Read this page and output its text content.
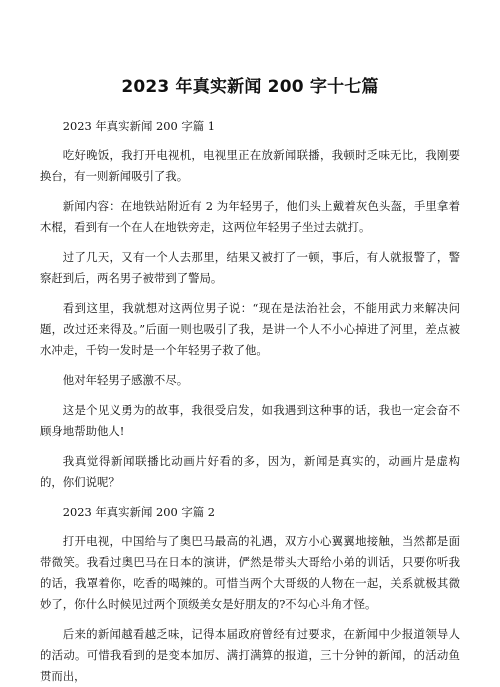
2023 年真实新闻 200 字十七篇

2023 年真实新闻 200 字篇 1

吃好晚饭，我打开电视机，电视里正在放新闻联播，我顿时乏味无比，我刚要换台，有一则新闻吸引了我。

新闻内容：在地铁站附近有 2 为年轻男子，他们头上戴着灰色头盔，手里拿着木棍，看到有一个在人在地铁旁走，这两位年轻男子坐过去就打。

过了几天，又有一个人去那里，结果又被打了一顿，事后，有人就报警了，警察赶到后，两名男子被带到了警局。

看到这里，我就想对这两位男子说：“现在是法治社会，不能用武力来解决问题，改过还来得及。”后面一则也吸引了我，是讲一个人不小心掉进了河里，差点被水冲走，千钧一发时是一个年轻男子救了他。

他对年轻男子感激不尽。

这是个见义勇为的故事，我很受启发，如我遇到这种事的话，我也一定会奋不顾身地帮助他人!

我真觉得新闻联播比动画片好看的多，因为，新闻是真实的，动画片是虚构的，你们说呢？

2023 年真实新闻 200 字篇 2

打开电视，中国给与了奥巴马最高的礼遇，双方小心翼翼地接触，当然都是面带微笑。我看过奥巴马在日本的演讲，俨然是带头大哥给小弟的训话，只要你听我的话，我罩着你，吃香的喝辣的。可惜当两个大哥级的人物在一起，关系就极其微妙了，你什么时候见过两个顶级美女是好朋友的?不勾心斗角才怪。

后来的新闻越看越乏味，记得本届政府曾经有过要求，在新闻中少报道领导人的活动。可惜我看到的是变本加厉、满打满算的报道，三十分钟的新闻，的活动鱼贯而出，
